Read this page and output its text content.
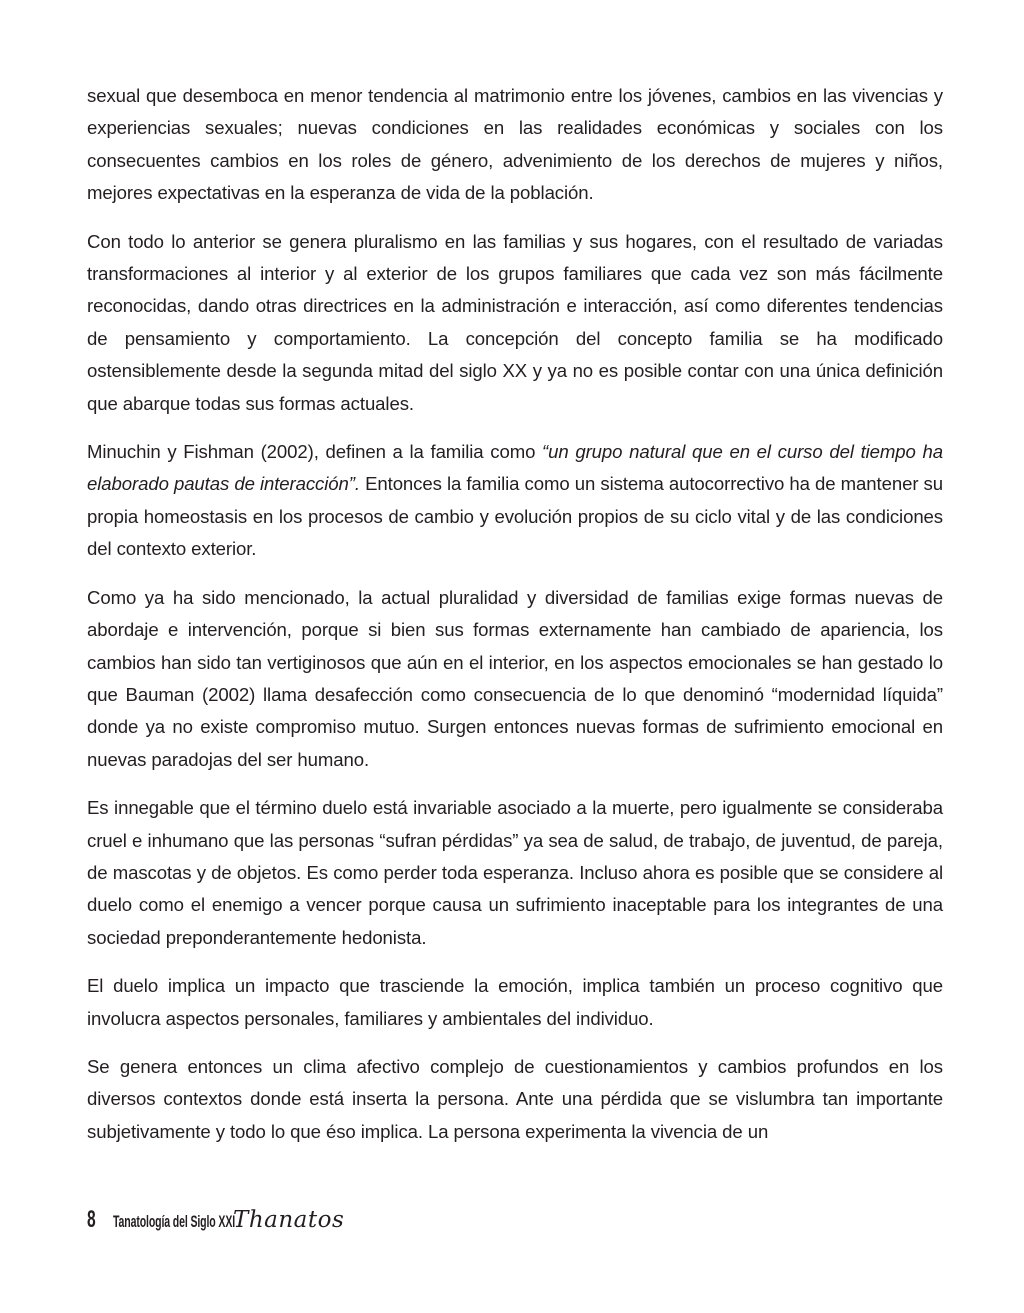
sexual que desemboca en menor tendencia al matrimonio entre los jóvenes, cambios en las vivencias y experiencias sexuales; nuevas condiciones en las realidades económicas y sociales con los consecuentes cambios en los roles de género, advenimiento de los derechos de mujeres y niños, mejores expectativas en la esperanza de vida de la población.

Con todo lo anterior se genera pluralismo en las familias y sus hogares, con el resultado de variadas transformaciones al interior y al exterior de los grupos familiares que cada vez son más fácilmente reconocidas, dando otras directrices en la administración e interacción, así como diferentes tendencias de pensamiento y comportamiento. La concepción del concepto familia se ha modificado ostensiblemente desde la segunda mitad del siglo XX y ya no es posible contar con una única definición que abarque todas sus formas actuales.

Minuchin y Fishman (2002), definen a la familia como “un grupo natural que en el curso del tiempo ha elaborado pautas de interacción”. Entonces la familia como un sistema autocorrectivo ha de mantener su propia homeostasis en los procesos de cambio y evolución propios de su ciclo vital y de las condiciones del contexto exterior.

Como ya ha sido mencionado, la actual pluralidad y diversidad de familias exige formas nuevas de abordaje e intervención, porque si bien sus formas externamente han cambiado de apariencia, los cambios han sido tan vertiginosos que aún en el interior, en los aspectos emocionales se han gestado lo que Bauman (2002) llama desafección como consecuencia de lo que denominó “modernidad líquida” donde ya no existe compromiso mutuo. Surgen entonces nuevas formas de sufrimiento emocional en nuevas paradojas del ser humano.

Es innegable que el término duelo está invariable asociado a la muerte, pero igualmente se consideraba cruel e inhumano que las personas “sufran pérdidas” ya sea de salud, de trabajo, de juventud, de pareja, de mascotas y de objetos. Es como perder toda esperanza. Incluso ahora es posible que se considere al duelo como el enemigo a vencer porque causa un sufrimiento inaceptable para los integrantes de una sociedad preponderantemente hedonista.

El duelo implica un impacto que trasciende la emoción, implica también un proceso cognitivo que involucra aspectos personales, familiares y ambientales del individuo.

Se genera entonces un clima afectivo complejo de cuestionamientos y cambios profundos en los diversos contextos donde está inserta la persona. Ante una pérdida que se vislumbra tan importante subjetivamente y todo lo que éso implica. La persona experimenta la vivencia de un

8 Tanatología del Siglo XXI
Thanatos
